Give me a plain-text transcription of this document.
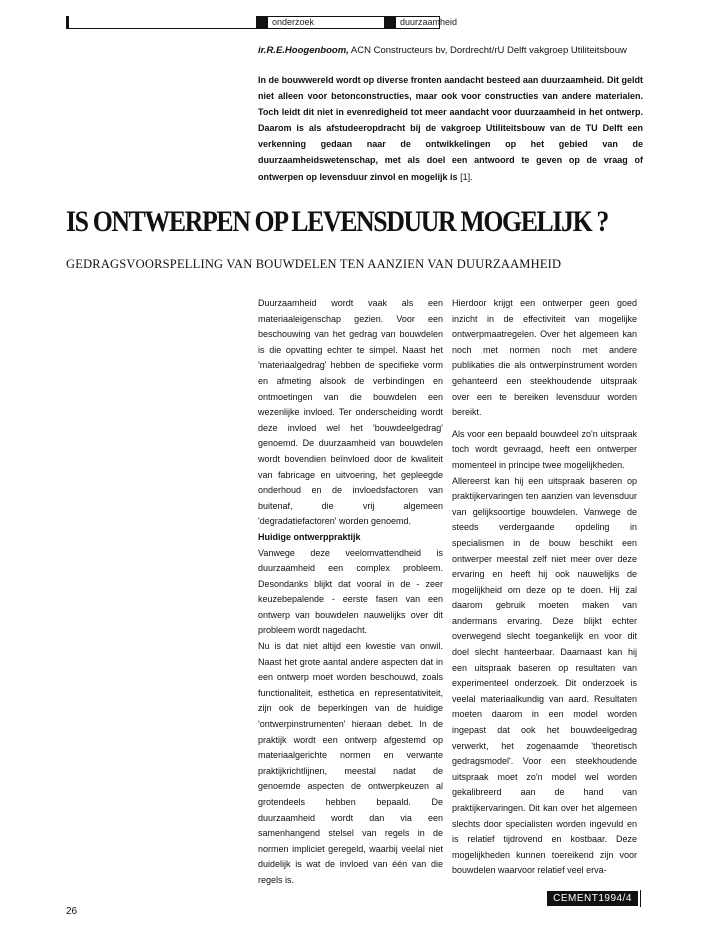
onderzoek	duurzaamheid
ir.R.E.Hoogenboom, ACN Constructeurs bv, Dordrecht/rU Delft vakgroep Utiliteitsbouw
In de bouwwereld wordt op diverse fronten aandacht besteed aan duurzaamheid. Dit geldt niet alleen voor betonconstructies, maar ook voor constructies van andere materialen. Toch leidt dit niet in evenredigheid tot meer aandacht voor duurzaamheid in het ontwerp. Daarom is als afstudeeropdracht bij de vakgroep Utiliteitsbouw van de TU Delft een verkenning gedaan naar de ontwikkelingen op het gebied van de duurzaamheidswetenschap, met als doel een antwoord te geven op de vraag of ontwerpen op levensduur zinvol en mogelijk is [1].
IS ONTWERPEN OP LEVENSDUUR MOGELIJK ?
GEDRAGSVOORSPELLING VAN BOUWDELEN TEN AANZIEN VAN DUURZAAMHEID

Duurzaamheid wordt vaak als een materiaaleigenschap gezien. Voor een beschouwing van het gedrag van bouwdelen is die opvatting echter te simpel. Naast het 'materiaalgedrag' hebben de specifieke vorm en afmeting alsook de verbindingen en ontmoetingen van die bouwdelen een wezenlijke invloed. Ter onderscheiding wordt deze invloed wel het 'bouwdeelgedrag' genoemd. De duurzaamheid van bouwdelen wordt bovendien beïnvloed door de kwaliteit van fabricage en uitvoering, het gepleegde onderhoud en de invloedsfactoren van buitenaf, die vrij algemeen 'degradatiefactoren' worden genoemd.

Huidige ontwerppraktijk

Vanwege deze veelomvattendheid is duurzaamheid een complex probleem. Desondanks blijkt dat vooral in de - zeer keuzebepalende - eerste fasen van een ontwerp van bouwdelen nauwelijks over dit probleem wordt nagedacht.

Nu is dat niet altijd een kwestie van onwil. Naast het grote aantal andere aspecten dat in een ontwerp moet worden beschouwd, zoals functionaliteit, esthetica en representativiteit, zijn ook de beperkingen van de huidige 'ontwerpinstrumenten' hieraan debet. In de praktijk wordt een ontwerp afgestemd op materiaalgerichte normen en verwante praktijkrichtlijnen, meestal nadat de genoemde aspecten de ontwerpkeuzen al grotendeels hebben bepaald. De duurzaamheid wordt dan via een samenhangend stelsel van regels in de normen impliciet geregeld, waarbij veelal niet duidelijk is wat de invloed van één van die regels is.

Hierdoor krijgt een ontwerper geen goed inzicht in de effectiviteit van mogelijke ontwerpmaatregelen. Over het algemeen kan noch met normen noch met andere publikaties die als ontwerpinstrument worden gehanteerd een steekhoudende uitspraak over een te bereiken levensduur worden bereikt.

Als voor een bepaald bouwdeel zo'n uitspraak toch wordt gevraagd, heeft een ontwerper momenteel in principe twee mogelijkheden.

Allereerst kan hij een uitspraak baseren op praktijkervaringen ten aanzien van levensduur van gelijksoortige bouwdelen. Vanwege de steeds verdergaande opdeling in specialismen in de bouw beschikt een ontwerper meestal zelf niet meer over deze ervaring en heeft hij ook nauwelijks de mogelijkheid om deze op te doen. Hij zal daarom gebruik moeten maken van andermans ervaring. Deze blijkt echter overwegend slecht toegankelijk en voor dit doel slecht hanteerbaar. Daarnaast kan hij een uitspraak baseren op resultaten van experimenteel onderzoek. Dit onderzoek is veelal materiaalkundig van aard. Resultaten moeten daarom in een model worden ingepast dat ook het bouwdeelgedrag verwerkt, het zogenaamde 'theoretisch gedragsmodel'. Voor een steekhoudende uitspraak moet zo'n model wel worden gekalibreerd aan de hand van praktijkervaringen. Dit kan over het algemeen slechts door specialisten worden ingevuld en is relatief tijdrovend en kostbaar. Deze mogelijkheden kunnen toereikend zijn voor bouwdelen waarvoor relatief veel erva-

CEMENT1994/4
26
